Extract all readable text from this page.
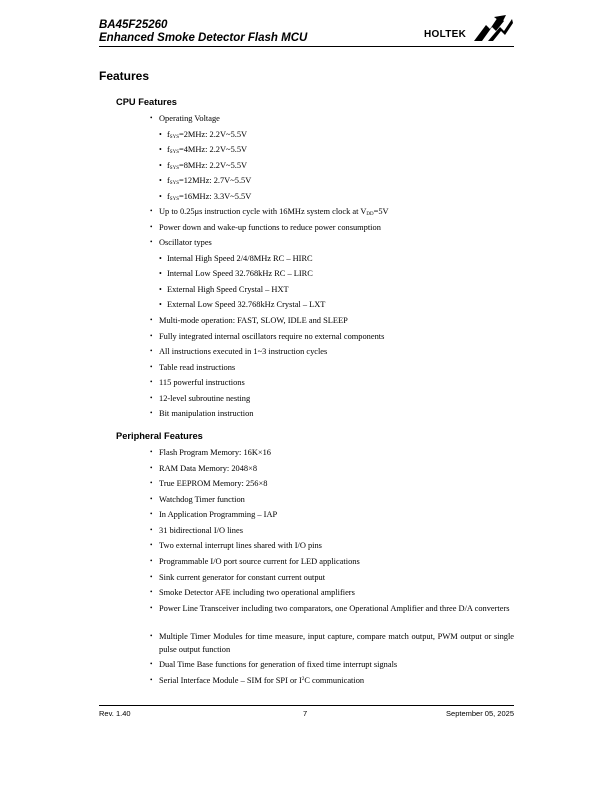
BA45F25260
Enhanced Smoke Detector Flash MCU	HOLTEK
Features
CPU Features
• Operating Voltage
• $f_{SYS}=2MHz$: 2.2V~5.5V
• $f_{SYS}=4MHz$: 2.2V~5.5V
• $f_{SYS}=8MHz$: 2.2V~5.5V
• $f_{SYS}=12MHz$: 2.7V~5.5V
• $f_{SYS}=16MHz$: 3.3V~5.5V
• Up to 0.25μs instruction cycle with 16MHz system clock at $V_{DD}=5V$
• Power down and wake-up functions to reduce power consumption
• Oscillator types
• Internal High Speed 2/4/8MHz RC – HIRC
• Internal Low Speed 32.768kHz RC – LIRC
• External High Speed Crystal – HXT
• External Low Speed 32.768kHz Crystal – LXT
• Multi-mode operation: FAST, SLOW, IDLE and SLEEP
• Fully integrated internal oscillators require no external components
• All instructions executed in 1~3 instruction cycles
• Table read instructions
• 115 powerful instructions
• 12-level subroutine nesting
• Bit manipulation instruction
Peripheral Features
• Flash Program Memory: 16K×16
• RAM Data Memory: 2048×8
• True EEPROM Memory: 256×8
• Watchdog Timer function
• In Application Programming – IAP
• 31 bidirectional I/O lines
• Two external interrupt lines shared with I/O pins
• Programmable I/O port source current for LED applications
• Sink current generator for constant current output
• Smoke Detector AFE including two operational amplifiers
• Power Line Transceiver including two comparators, one Operational Amplifier and three D/A converters
• Multiple Timer Modules for time measure, input capture, compare match output, PWM output or single pulse output function
• Dual Time Base functions for generation of fixed time interrupt signals
• Serial Interface Module – SIM for SPI or $I^2C$ communication
Rev. 1.40	7	September 05, 2025
